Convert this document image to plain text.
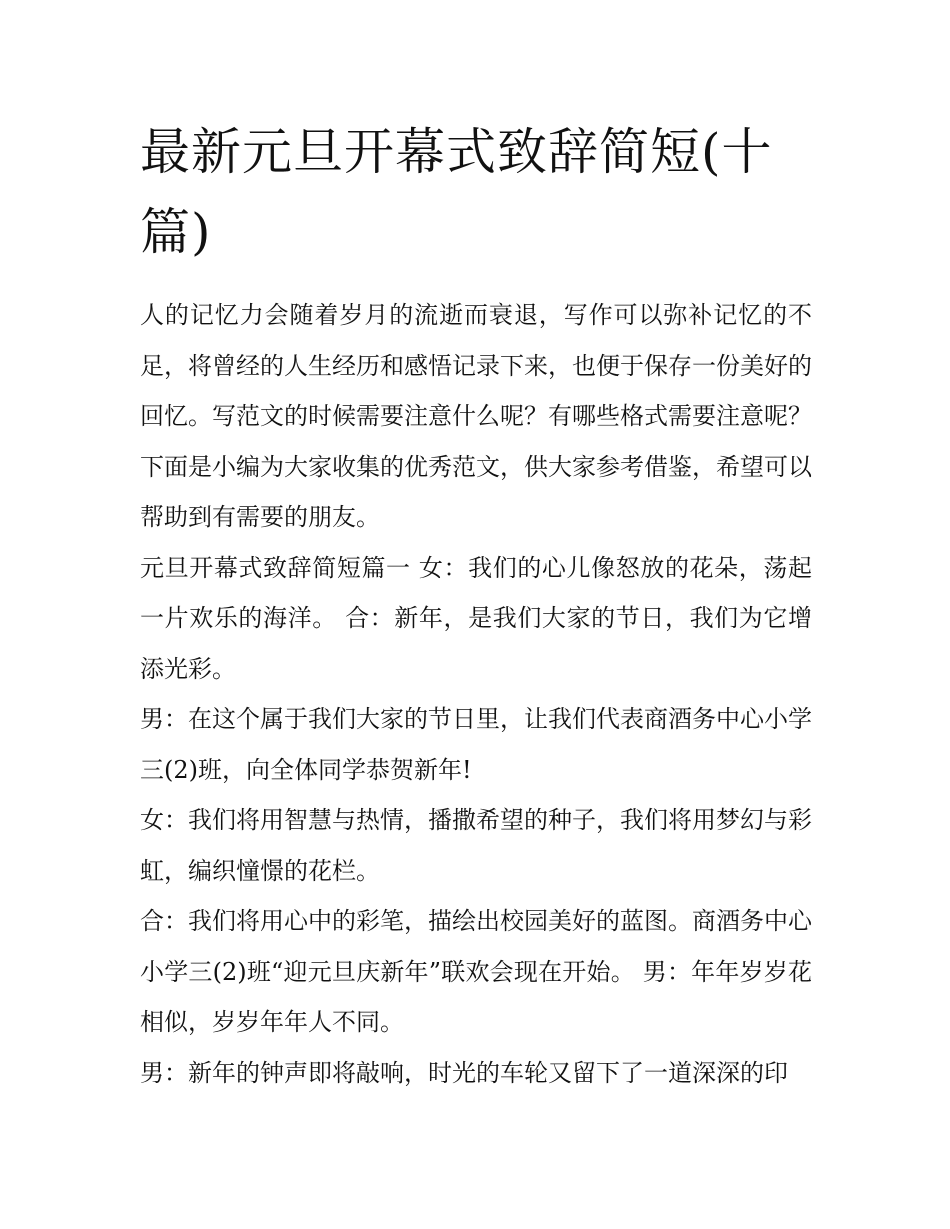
最新元旦开幕式致辞简短(十篇)

人的记忆力会随着岁月的流逝而衰退，写作可以弥补记忆的不足，将曾经的人生经历和感悟记录下来，也便于保存一份美好的回忆。写范文的时候需要注意什么呢？有哪些格式需要注意呢？下面是小编为大家收集的优秀范文，供大家参考借鉴，希望可以帮助到有需要的朋友。

元旦开幕式致辞简短篇一 女：我们的心儿像怒放的花朵，荡起一片欢乐的海洋。 合：新年，是我们大家的节日，我们为它增添光彩。

男：在这个属于我们大家的节日里，让我们代表商酒务中心小学三(2)班，向全体同学恭贺新年!

女：我们将用智慧与热情，播撒希望的种子，我们将用梦幻与彩虹，编织憧憬的花栏。

合：我们将用心中的彩笔，描绘出校园美好的蓝图。商酒务中心小学三(2)班“迎元旦庆新年”联欢会现在开始。 男：年年岁岁花相似，岁岁年年人不同。

男：新年的钟声即将敲响，时光的车轮又留下了一道深深的印
